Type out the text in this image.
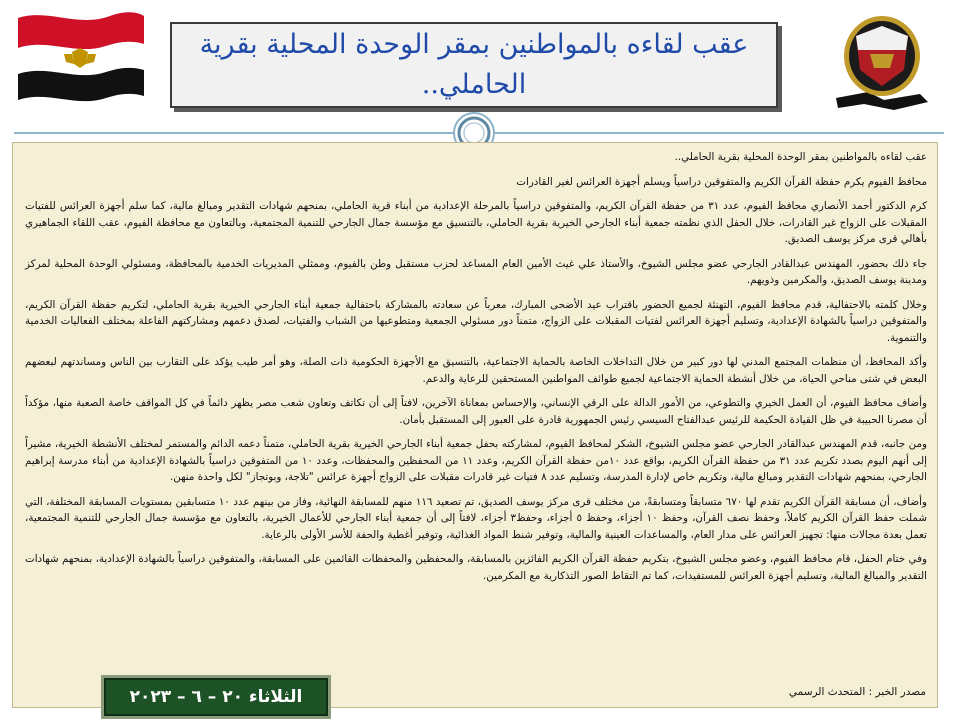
عقب لقاءه بالمواطنين بمقر الوحدة المحلية بقرية الحاملي..

عقب لقاءه بالمواطنين بمقر الوحدة المحلية بقرية الحاملي..

محافظ الفيوم يكرم حفظة القرآن الكريم والمتفوقين دراسياً ويسلم أجهزة العرائس لغير القادرات

كرم الدكتور أحمد الأنصاري محافظ الفيوم، عدد ٣١ من حفظة القرآن الكريم، والمتفوقين دراسياً بالمرحلة الإعدادية من أبناء قرية الحاملي، بمنحهم شهادات التقدير ومبالغ مالية، كما سلم أجهزة العرائس للفتيات المقبلات على الزواج غير القادرات، خلال الحفل الذي نظمته جمعية أبناء الجارحي الخيرية بقرية الحاملي، بالتنسيق مع مؤسسة جمال الجارحي للتنمية المجتمعية، وبالتعاون مع محافظة الفيوم، عقب اللقاء الجماهيري بأهالي قرى مركز يوسف الصديق.

جاء ذلك بحضور، المهندس عبدالقادر الجارحي عضو مجلس الشيوخ، والأستاذ علي غيث الأمين العام المساعد لحزب مستقبل وطن بالفيوم، وممثلي المديريات الخدمية بالمحافظة، ومسئولي الوحدة المحلية لمركز ومدينة يوسف الصديق، والمكرمين وذويهم.

وخلال كلمته بالاحتفالية، قدم محافظ الفيوم، التهنئة لجميع الحضور باقتراب عيد الأضحى المبارك، معرباً عن سعادته بالمشاركة باحتفالية جمعية أبناء الجارحي الخيرية بقرية الحاملي، لتكريم حفظة القرآن الكريم، والمتفوقين دراسياً بالشهادة الإعدادية، وتسليم أجهزة العرائس لفتيات المقبلات على الزواج، متمناً دور مسئولي الجمعية ومتطوعيها من الشباب والفتيات، لصدق دعمهم ومشاركتهم الفاعلة بمختلف الفعاليات الخدمية والتنموية.

وأكد المحافظ، أن منظمات المجتمع المدني لها دور كبير من خلال التداخلات الخاصة بالحماية الاجتماعية، بالتنسيق مع الأجهزة الحكومية ذات الصلة، وهو أمر طيب يؤكد على التقارب بين الناس ومساندتهم لبعضهم البعض في شتى مناحي الحياة، من خلال أنشطة الحماية الاجتماعية لجميع طوائف المواطنين المستحقين للرعاية والدعم.

وأضاف محافظ الفيوم، أن العمل الخيري والتطوعي، من الأمور الدالة على الرقي الإنساني، والإحساس بمعاناة الآخرين، لافتاً إلى أن تكاتف وتعاون شعب مصر يظهر دائماً في كل المواقف خاصة الصعبة منها، مؤكداً أن مصرنا الحبيبة في ظل القيادة الحكيمة للرئيس عبدالفتاح السيسي رئيس الجمهورية قادرة على العبور إلى المستقبل بأمان.

ومن جانبه، قدم المهندس عبدالقادر الجارحي عضو مجلس الشيوخ، الشكر لمحافظ الفيوم، لمشاركته بحفل جمعية أبناء الجارحي الخيرية بقرية الحاملي، متمناً دعمه الدائم والمستمر لمختلف الأنشطة الخيرية، مشيراً إلى أنهم اليوم بصدد تكريم عدد ٣١ من حفظة القرآن الكريم، بواقع عدد ١٠من حفظة القرآن الكريم، وعدد ١١ من المحفظين والمحفظات، وعدد ١٠ من المتفوقين دراسياً بالشهادة الإعدادية من أبناء مدرسة إبراهيم الجارحي، بمنحهم شهادات التقدير ومبالغ مالية، وتكريم خاص لإدارة المدرسة، وتسليم عدد ٨ فتيات غير قادرات مقبلات على الزواج أجهزة عرائس "تلاجة، وبوتجاز" لكل واحدة منهن.

وأضاف، أن مسابقة القرآن الكريم تقدم لها ٦٧٠ متسابقاً ومتسابقةً، من مختلف قرى مركز يوسف الصديق، تم تصعيد ١١٦ منهم للمسابقة النهائية، وفاز من بينهم عدد ١٠ متسابقين بمستويات المسابقة المختلفة، التي شملت حفظ القرآن الكريم كاملاً، وحفظ نصف القرآن، وحفظ ١٠ أجزاء، وحفظ ٥ أجزاء، وحفظ٣ أجزاء، لافتاً إلى أن جمعية أبناء الجارحي للأعمال الخيرية، بالتعاون مع مؤسسة جمال الجارحي للتنمية المجتمعية، تعمل بعدة مجالات منها: تجهيز العرائس على مدار العام، والمساعدات العينية والمالية، وتوفير شنط المواد الغذائية، وتوفير أغطية والحفة للأسر الأولى بالرعاية.

وفي ختام الحفل، قام محافظ الفيوم، وعضو مجلس الشيوخ، بتكريم حفظة القرآن الكريم الفائزين بالمسابقة، والمحفظين والمحفظات القائمين على المسابقة، والمتفوقين دراسياً بالشهادة الإعدادية، بمنحهم شهادات التقدير والمبالغ المالية، وتسليم أجهزة العرائس للمستفيدات، كما تم التقاط الصور التذكارية مع المكرمين.

مصدر الخبر : المتحدث الرسمي
الثلاثاء ٢٠ – ٦ – ٢٠٢٣
